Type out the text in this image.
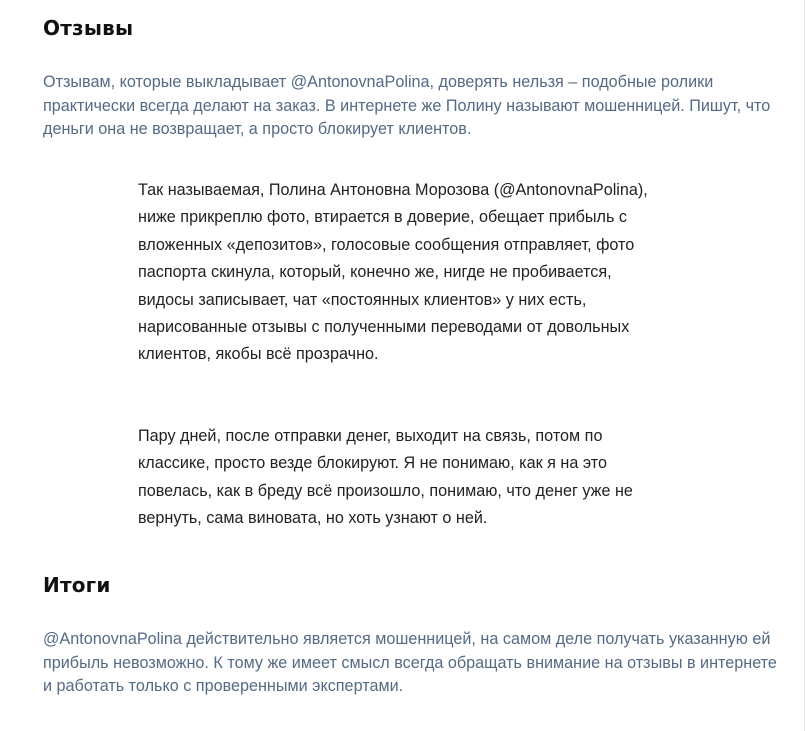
Отзывы

Отзывам, которые выкладывает @AntonovnaPolina, доверять нельзя – подобные ролики практически всегда делают на заказ. В интернете же Полину называют мошенницей. Пишут, что деньги она не возвращает, а просто блокирует клиентов.

Так называемая, Полина Антоновна Морозова (@AntonovnaPolina), ниже прикреплю фото, втирается в доверие, обещает прибыль с вложенных «депозитов», голосовые сообщения отправляет, фото паспорта скинула, который, конечно же, нигде не пробивается, видосы записывает, чат «постоянных клиентов» у них есть, нарисованные отзывы с полученными переводами от довольных клиентов, якобы всё прозрачно.

Пару дней, после отправки денег, выходит на связь, потом по классике, просто везде блокируют. Я не понимаю, как я на это повелась, как в бреду всё произошло, понимаю, что денег уже не вернуть, сама виновата, но хоть узнают о ней.

Итоги

@AntonovnaPolina действительно является мошенницей, на самом деле получать указанную ей прибыль невозможно. К тому же имеет смысл всегда обращать внимание на отзывы в интернете и работать только с проверенными экспертами.
